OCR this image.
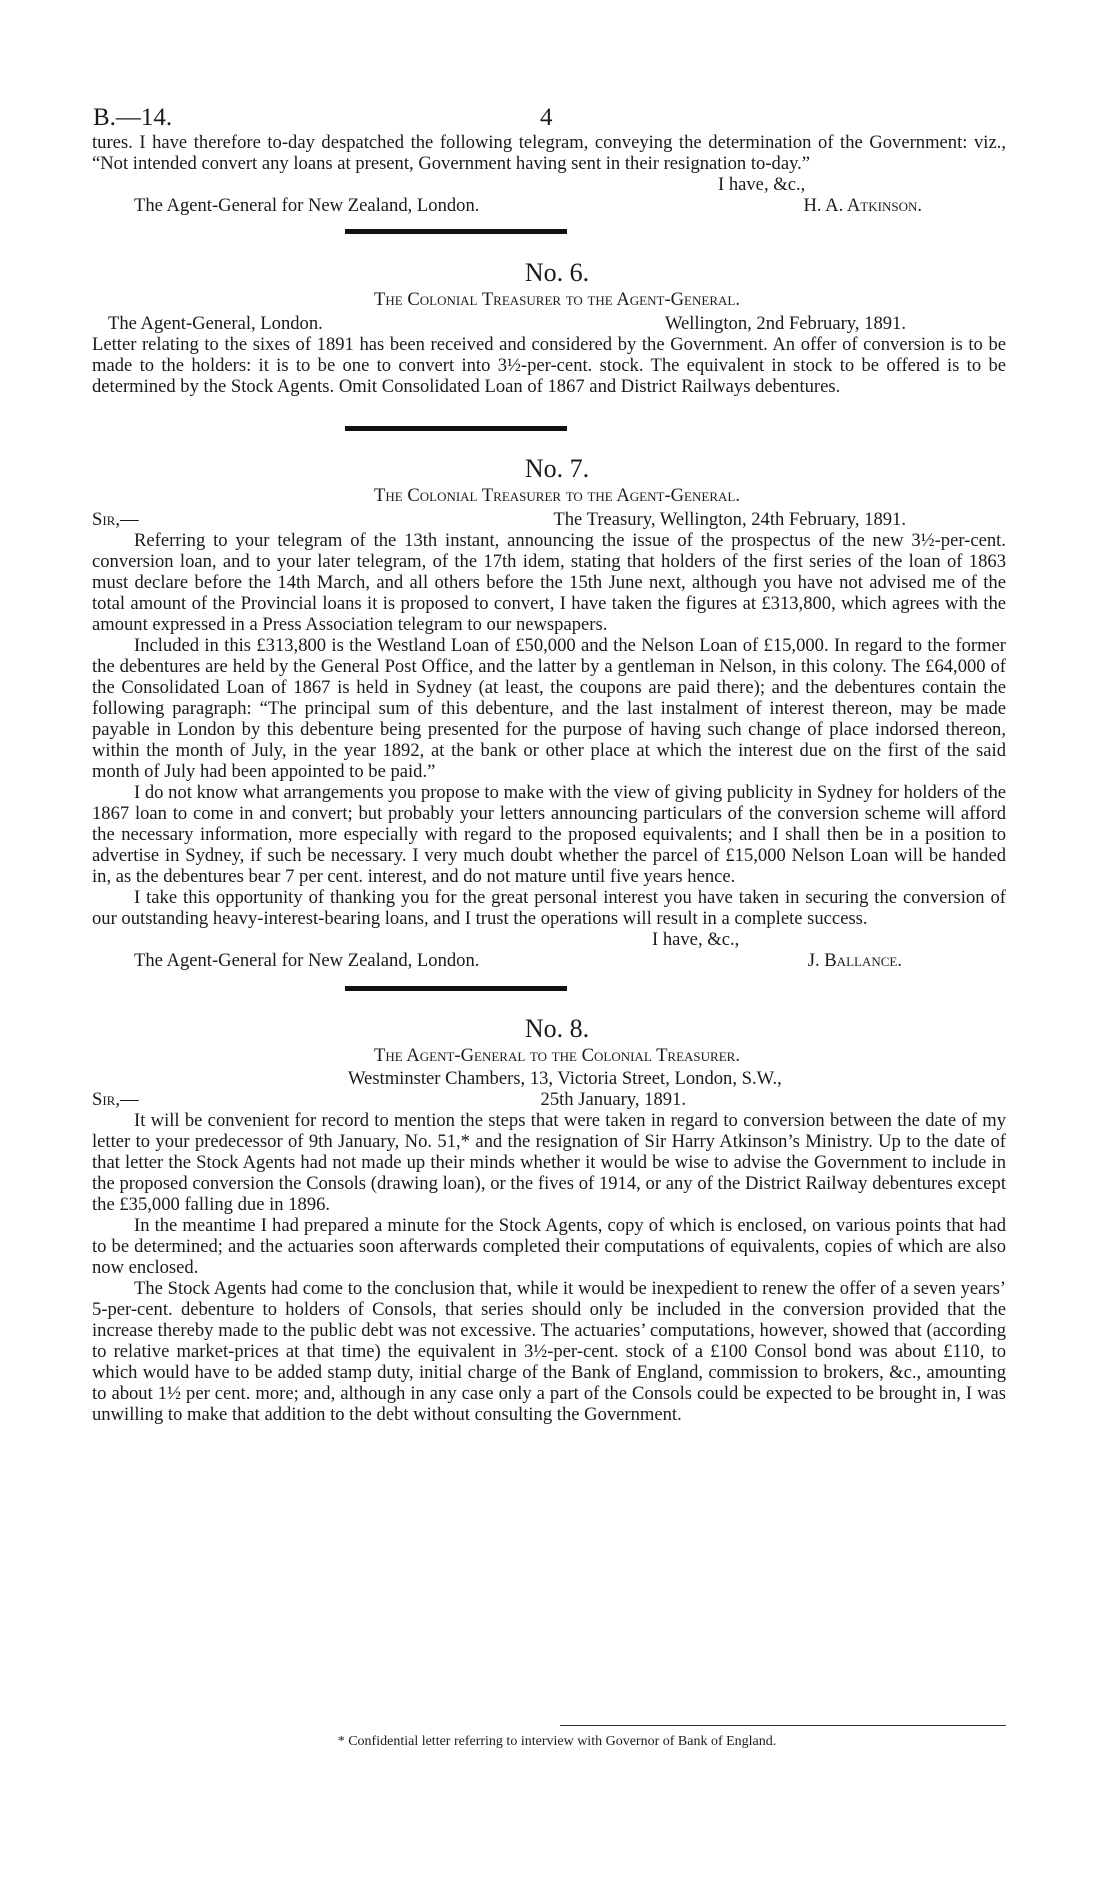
B.—14.	4

tures. I have therefore to-day despatched the following telegram, conveying the determination of the Government: viz., “Not intended convert any loans at present, Government having sent in their resignation to-day.”

I have, &c.,
The Agent-General for New Zealand, London.	H. A. Atkinson.
No. 6.
The Colonial Treasurer to the Agent-General.
The Agent-General, London.	Wellington, 2nd February, 1891.

Letter relating to the sixes of 1891 has been received and considered by the Government. An offer of conversion is to be made to the holders: it is to be one to convert into 3½-per-cent. stock. The equivalent in stock to be offered is to be determined by the Stock Agents. Omit Consolidated Loan of 1867 and District Railways debentures.

No. 7.
The Colonial Treasurer to the Agent-General.
Sir,—	The Treasury, Wellington, 24th February, 1891.

Referring to your telegram of the 13th instant, announcing the issue of the prospectus of the new 3½-per-cent. conversion loan, and to your later telegram, of the 17th idem, stating that holders of the first series of the loan of 1863 must declare before the 14th March, and all others before the 15th June next, although you have not advised me of the total amount of the Provincial loans it is proposed to convert, I have taken the figures at £313,800, which agrees with the amount expressed in a Press Association telegram to our newspapers.

Included in this £313,800 is the Westland Loan of £50,000 and the Nelson Loan of £15,000. In regard to the former the debentures are held by the General Post Office, and the latter by a gentleman in Nelson, in this colony. The £64,000 of the Consolidated Loan of 1867 is held in Sydney (at least, the coupons are paid there); and the debentures contain the following paragraph: “The principal sum of this debenture, and the last instalment of interest thereon, may be made payable in London by this debenture being presented for the purpose of having such change of place indorsed thereon, within the month of July, in the year 1892, at the bank or other place at which the interest due on the first of the said month of July had been appointed to be paid.”

I do not know what arrangements you propose to make with the view of giving publicity in Sydney for holders of the 1867 loan to come in and convert; but probably your letters announcing particulars of the conversion scheme will afford the necessary information, more especially with regard to the proposed equivalents; and I shall then be in a position to advertise in Sydney, if such be necessary. I very much doubt whether the parcel of £15,000 Nelson Loan will be handed in, as the debentures bear 7 per cent. interest, and do not mature until five years hence.

I take this opportunity of thanking you for the great personal interest you have taken in securing the conversion of our outstanding heavy-interest-bearing loans, and I trust the operations will result in a complete success.

I have, &c.,
The Agent-General for New Zealand, London.	J. Ballance.
No. 8.
The Agent-General to the Colonial Treasurer.
Westminster Chambers, 13, Victoria Street, London, S.W.,
Sir,—	25th January, 1891.

It will be convenient for record to mention the steps that were taken in regard to conversion between the date of my letter to your predecessor of 9th January, No. 51,* and the resignation of Sir Harry Atkinson’s Ministry. Up to the date of that letter the Stock Agents had not made up their minds whether it would be wise to advise the Government to include in the proposed conversion the Consols (drawing loan), or the fives of 1914, or any of the District Railway debentures except the £35,000 falling due in 1896.

In the meantime I had prepared a minute for the Stock Agents, copy of which is enclosed, on various points that had to be determined; and the actuaries soon afterwards completed their computations of equivalents, copies of which are also now enclosed.

The Stock Agents had come to the conclusion that, while it would be inexpedient to renew the offer of a seven years’ 5-per-cent. debenture to holders of Consols, that series should only be included in the conversion provided that the increase thereby made to the public debt was not excessive. The actuaries’ computations, however, showed that (according to relative market-prices at that time) the equivalent in 3½-per-cent. stock of a £100 Consol bond was about £110, to which would have to be added stamp duty, initial charge of the Bank of England, commission to brokers, &c., amounting to about 1½ per cent. more; and, although in any case only a part of the Consols could be expected to be brought in, I was unwilling to make that addition to the debt without consulting the Government.

* Confidential letter referring to interview with Governor of Bank of England.
